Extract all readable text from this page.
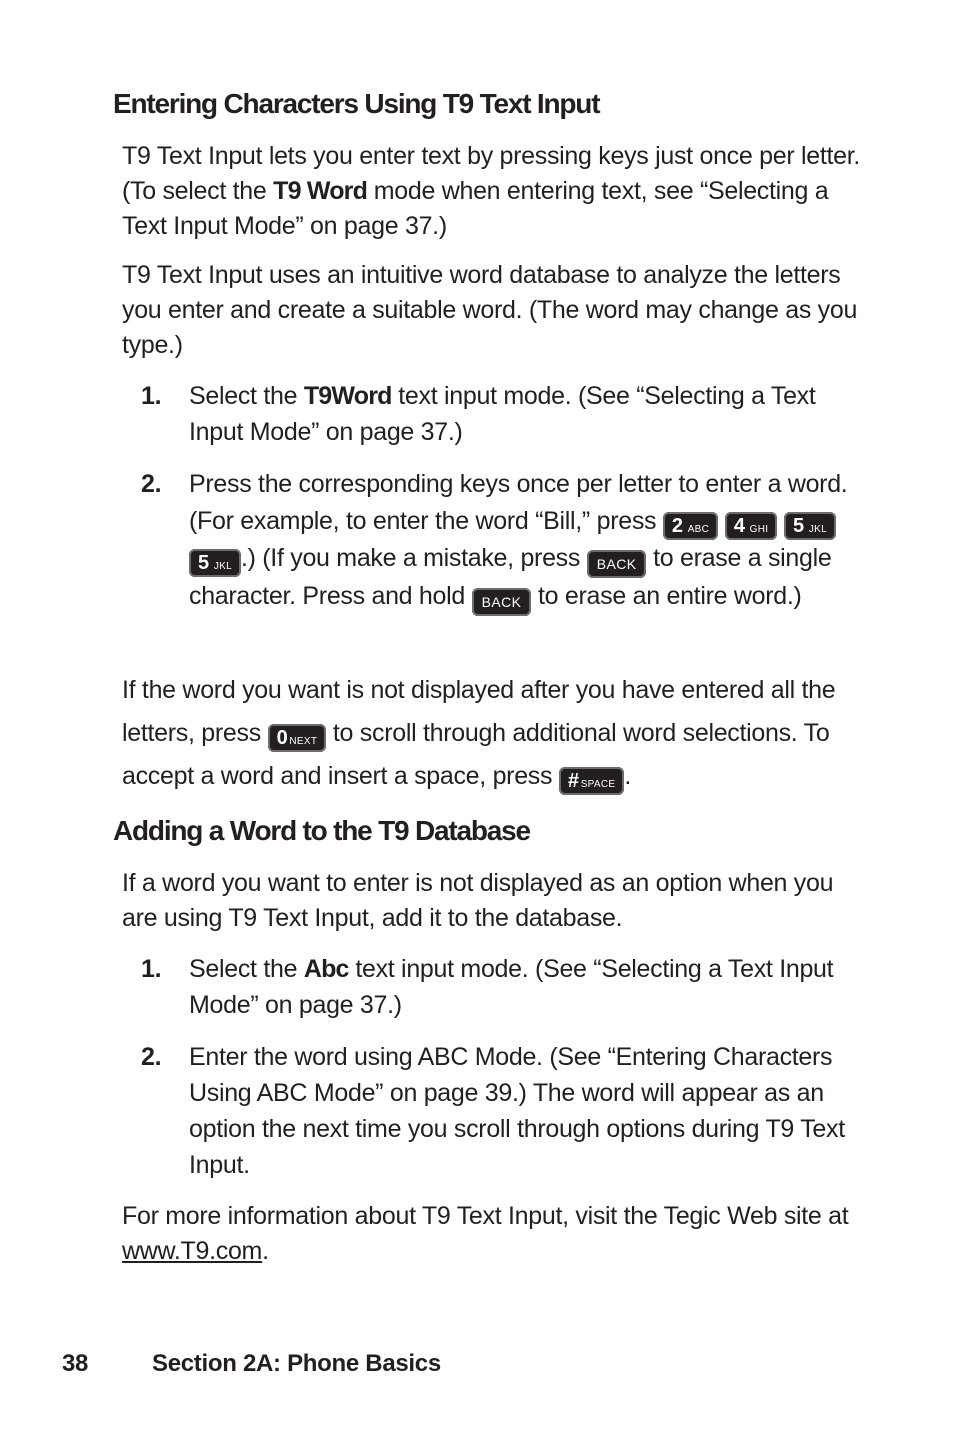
Entering Characters Using T9 Text Input

T9 Text Input lets you enter text by pressing keys just once per letter. (To select the T9 Word mode when entering text, see “Selecting a Text Input Mode” on page 37.)

T9 Text Input uses an intuitive word database to analyze the letters you enter and create a suitable word. (The word may change as you type.)

1. Select the T9Word text input mode. (See “Selecting a Text Input Mode” on page 37.)
2. Press the corresponding keys once per letter to enter a word. (For example, to enter the word “Bill,” press 2 ABC 4 GHI 5 JKL 5 JKL .) (If you make a mistake, press BACK to erase a single character. Press and hold BACK to erase an entire word.)

If the word you want is not displayed after you have entered all the letters, press 0 NEXT to scroll through additional word selections. To accept a word and insert a space, press # SPACE .

Adding a Word to the T9 Database

If a word you want to enter is not displayed as an option when you are using T9 Text Input, add it to the database.

1. Select the Abc text input mode. (See “Selecting a Text Input Mode” on page 37.)
2. Enter the word using ABC Mode. (See “Entering Characters Using ABC Mode” on page 39.) The word will appear as an option the next time you scroll through options during T9 Text Input.

For more information about T9 Text Input, visit the Tegic Web site at www.T9.com.

38	Section 2A: Phone Basics
